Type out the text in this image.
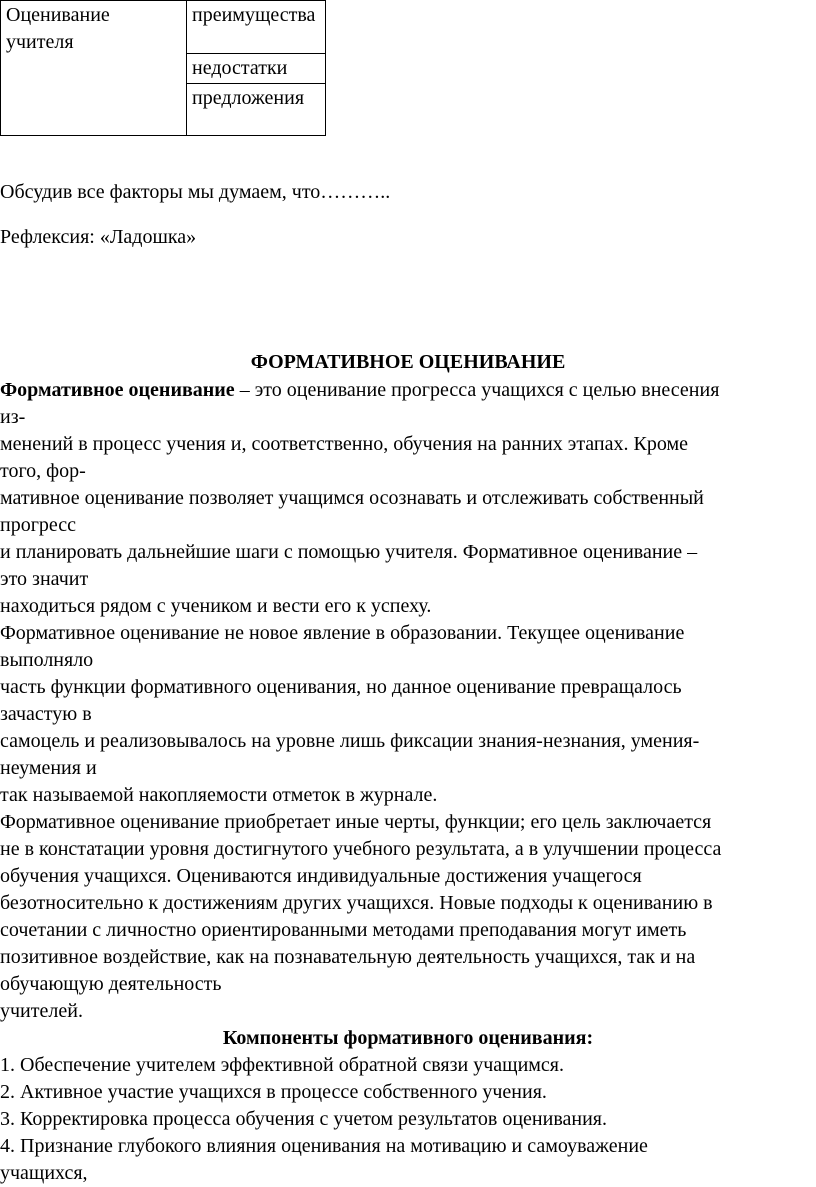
Оценивание учителя	преимущества
недостатки
предложения

Обсудив все факторы мы думаем, что………..

Рефлексия: «Ладошка»

ФОРМАТИВНОЕ ОЦЕНИВАНИЕ

Формативное оценивание – это оценивание прогресса учащихся с целью внесения
из-
менений в процесс учения и, соответственно, обучения на ранних этапах. Кроме
того, фор-
мативное оценивание позволяет учащимся осознавать и отслеживать собственный
прогресс
и планировать дальнейшие шаги с помощью учителя. Формативное оценивание –
это значит
находиться рядом с учеником и вести его к успеху.
Формативное оценивание не новое явление в образовании. Текущее оценивание
выполняло
часть функции формативного оценивания, но данное оценивание превращалось
зачастую в
самоцель и реализовывалось на уровне лишь фиксации знания-незнания, умения-
неумения и
так называемой накопляемости отметок в журнале.
Формативное оценивание приобретает иные черты, функции; его цель заключается
не в констатации уровня достигнутого учебного результата, а в улучшении процесса
обучения учащихся. Оцениваются индивидуальные достижения учащегося
безотносительно к достижениям других учащихся. Новые подходы к оцениванию в
сочетании с личностно ориентированными методами преподавания могут иметь
позитивное воздействие, как на познавательную деятельность учащихся, так и на
обучающую деятельность
учителей.
Компоненты формативного оценивания:
1. Обеспечение учителем эффективной обратной связи учащимся.
2. Активное участие учащихся в процессе собственного учения.
3. Корректировка процесса обучения с учетом результатов оценивания.
4. Признание глубокого влияния оценивания на мотивацию и самоуважение
учащихся,
